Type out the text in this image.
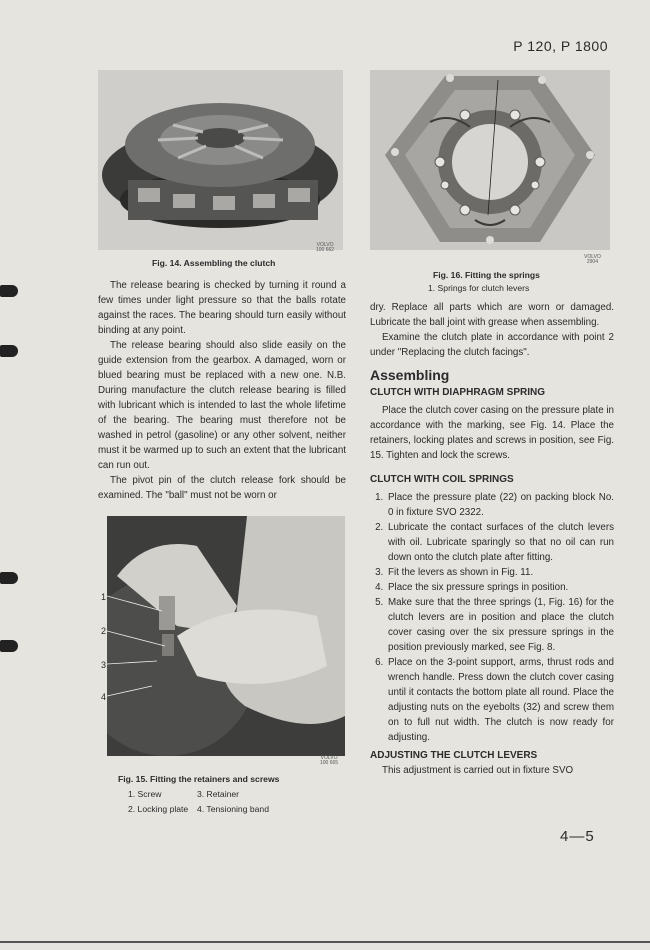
P 120, P 1800
VOLVO
100 662
Fig. 14. Assembling the clutch
VOLVO
2904
Fig. 16. Fitting the springs
1. Springs for clutch levers

The release bearing is checked by turning it round a few times under light pressure so that the balls rotate against the races. The bearing should turn easily without binding at any point.

The release bearing should also slide easily on the guide extension from the gearbox. A damaged, worn or blued bearing must be replaced with a new one. N.B. During manufacture the clutch release bearing is filled with lubricant which is intended to last the whole lifetime of the bearing. The bearing must therefore not be washed in petrol (gasoline) or any other solvent, neither must it be warmed up to such an extent that the lubricant can run out.

The pivot pin of the clutch release fork should be examined. The "ball" must not be worn or

1
2
3
4
VOLVO
100 665
Fig. 15. Fitting the retainers and screws
1. Screw	3. Retainer
2. Locking plate 4. Tensioning band

dry. Replace all parts which are worn or damaged. Lubricate the ball joint with grease when assembling.

Examine the clutch plate in accordance with point 2 under "Replacing the clutch facings".

Assembling
CLUTCH WITH DIAPHRAGM SPRING

Place the clutch cover casing on the pressure plate in accordance with the marking, see Fig. 14. Place the retainers, locking plates and screws in position, see Fig. 15. Tighten and lock the screws.

CLUTCH WITH COIL SPRINGS
1. Place the pressure plate (22) on packing block No. 0 in fixture SVO 2322.
2. Lubricate the contact surfaces of the clutch levers with oil. Lubricate sparingly so that no oil can run down onto the clutch plate after fitting.
3. Fit the levers as shown in Fig. 11.
4. Place the six pressure springs in position.
5. Make sure that the three springs (1, Fig. 16) for the clutch levers are in position and place the clutch cover casing over the six pressure springs in the position previously marked, see Fig. 8.
6. Place on the 3-point support, arms, thrust rods and wrench handle. Press down the clutch cover casing until it contacts the bottom plate all round. Place the adjusting nuts on the eyebolts (32) and screw them on to full nut width. The clutch is now ready for adjusting.
ADJUSTING THE CLUTCH LEVERS

This adjustment is carried out in fixture SVO

4—5
